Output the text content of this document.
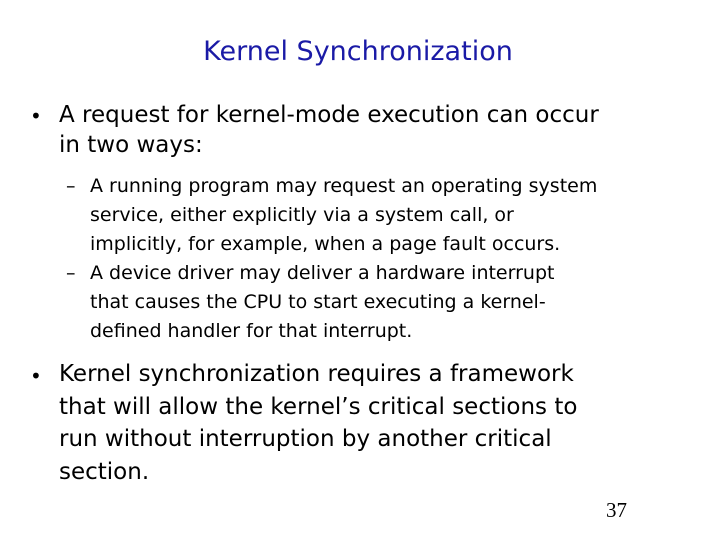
Kernel Synchronization
• A request for kernel-mode execution can occur
in two ways:
– A running program may request an operating system
service, either explicitly via a system call, or
implicitly, for example, when a page fault occurs.
– A device driver may deliver a hardware interrupt
that causes the CPU to start executing a kernel-
defined handler for that interrupt.
• Kernel synchronization requires a framework
that will allow the kernel’s critical sections to
run without interruption by another critical
section.
37
